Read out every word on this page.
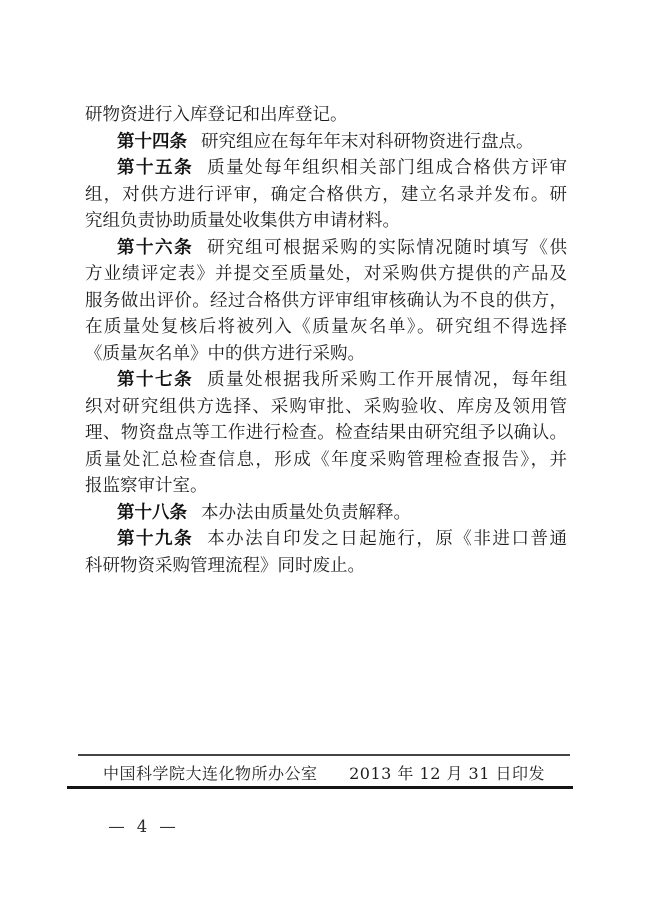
研物资进行入库登记和出库登记。
第十四条 研究组应在每年年末对科研物资进行盘点。
第十五条 质量处每年组织相关部门组成合格供方评审
组，对供方进行评审，确定合格供方，建立名录并发布。研
究组负责协助质量处收集供方申请材料。
第十六条 研究组可根据采购的实际情况随时填写《供
方业绩评定表》并提交至质量处，对采购供方提供的产品及
服务做出评价。经过合格供方评审组审核确认为不良的供方，
在质量处复核后将被列入《质量灰名单》。研究组不得选择
《质量灰名单》中的供方进行采购。
第十七条 质量处根据我所采购工作开展情况，每年组
织对研究组供方选择、采购审批、采购验收、库房及领用管
理、物资盘点等工作进行检查。检查结果由研究组予以确认。
质量处汇总检查信息，形成《年度采购管理检查报告》，并
报监察审计室。
第十八条 本办法由质量处负责解释。
第十九条 本办法自印发之日起施行，原《非进口普通
科研物资采购管理流程》同时废止。
中国科学院大连化物所办公室 2013 年 12 月 31 日印发
— 4 —
